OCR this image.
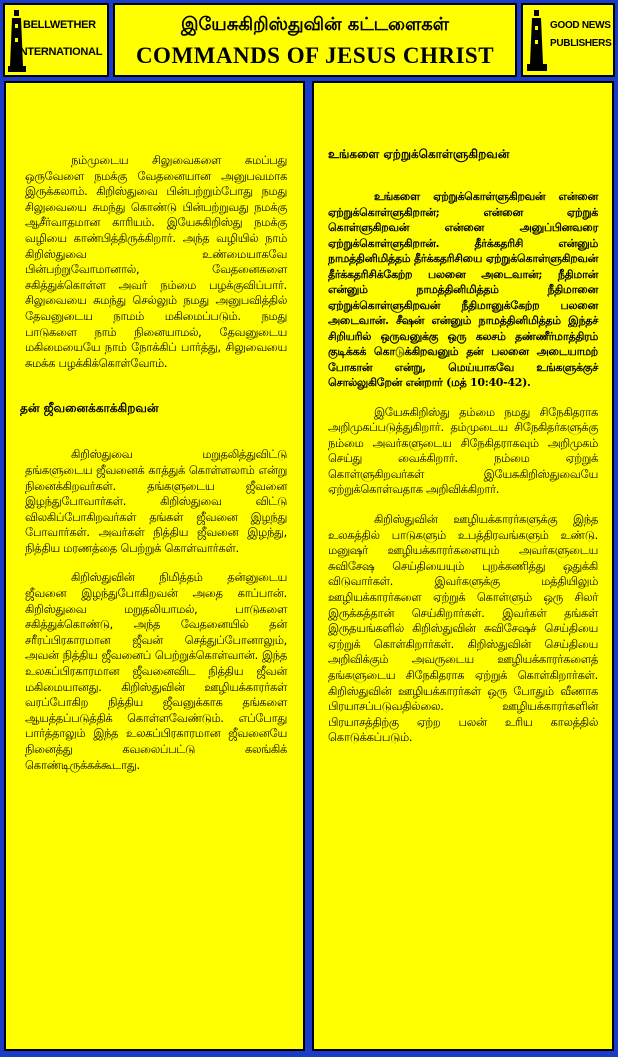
BELLWETHER
INTERNATIONAL
இயேசுகிறிஸ்துவின் கட்டளைகள்
COMMANDS OF JESUS CHRIST
GOOD NEWS
PUBLISHERS

நம்முடைய சிலுவைகளை சுமப்பது ஒருவேளை நமக்கு வேதனையான அனுபவமாக இருக்கலாம். கிறிஸ்துவை பின்பற்றும்போது நமது சிலுவையை சுமந்து கொண்டு பின்பற்றுவது நமக்கு ஆசீர்வாதமான காரியம். இயேசுகிறிஸ்து நமக்கு வழியை காண்பித்திருக்கிறார். அந்த வழியில் நாம் கிறிஸ்துவை உண்மையாகவே பின்பற்றுவோமானால், வேதனைகளை சகித்துக்கொள்ள அவர் நம்மை பழக்குவிப்பார். சிலுவையை சுமந்து செல்லும் நமது அனுபவித்தில் தேவனுடைய நாமம் மகிமைப்படும். நமது பாடுகளை நாம் நினையாமல், தேவனுடைய மகிமையையே நாம் நோக்கிப் பார்த்து, சிலுவையை சுமக்க பழக்கிக்கொள்வோம்.

தன் ஜீவனைக்காக்கிறவன்

கிறிஸ்துவை மறுதலித்துவிட்டு தங்களுடைய ஜீவனைக் காத்துக் கொள்ளலாம் என்று நினைக்கிறவர்கள். தங்களுடைய ஜீவனை இழந்துபோவார்கள். கிறிஸ்துவை விட்டு விலகிப்போகிறவர்கள் தங்கள் ஜீவனை இழந்து போவார்கள். அவர்கள் நித்திய ஜீவனை இழந்து, நித்திய மரணத்தை பெற்றுக் கொள்வார்கள்.

கிறிஸ்துவின் நிமித்தம் தன்னுடைய ஜீவனை இழந்துபோகிறவன் அதை காப்பான். கிறிஸ்துவை மறுதலியாமல், பாடுகளை சகித்துக்கொண்டு, அந்த வேதனையில் தன் சரீரப்பிரகாரமான ஜீவன் செத்துப்போனாலும், அவன் நித்திய ஜீவனைப் பெற்றுக்கொள்வான். இந்த உலகப்பிரகாரமான ஜீவனைவிட நித்திய ஜீவன் மகிமையானது. கிறிஸ்துவின் ஊழியக்காரர்கள் வரப்போகிற நித்திய ஜீவனுக்காக தங்களை ஆயத்தப்படுத்திக் கொள்ளவேண்டும். எப்போது பார்த்தாலும் இந்த உலகப்பிரகாரமான ஜீவனையே நினைத்து கவலைப்பட்டு கலங்கிக் கொண்டிருக்கக்கூடாது.

உங்களை ஏற்றுக்கொள்ளுகிறவன்

உங்களை ஏற்றுக்கொள்ளுகிறவன் என்னை ஏற்றுக்கொள்ளுகிறான்; என்னை ஏற்றுக் கொள்ளுகிறவன் என்னை அனுப்பினவரை ஏற்றுக்கொள்ளுகிறான். தீர்க்கதரிசி என்னும் நாமத்தினிமித்தம் தீர்க்கதரிசியை ஏற்றுக்கொள்ளுகிறவன் தீர்க்கதரிசிக்கேற்ற பலனை அடைவான்; நீதிமான் என்னும் நாமத்தினிமித்தம் நீதிமானை ஏற்றுக்கொள்ளுகிறவன் நீதிமானுக்கேற்ற பலனை அடைவான். சீஷன் என்னும் நாமத்தினிமித்தம் இந்தச் சிறியரில் ஒருவனுக்கு ஒரு கலசம் தண்ணீர்மாத்திரம் குடிக்கக் கொடுக்கிறவனும் தன் பலனை அடையாமற் போகான் என்று, மெய்யாகவே உங்களுக்குச் சொல்லுகிறேன் என்றார் (மத் 10:40-42).

இயேசுகிறிஸ்து தம்மை நமது சிநேகிதராக அறிமுகப்படுத்துகிறார். தம்முடைய சிநேகிதர்களுக்கு நம்மை அவர்களுடைய சிநேகிதராகவும் அறிமுகம் செய்து வைக்கிறார். நம்மை ஏற்றுக் கொள்ளுகிறவர்கள் இயேசுகிறிஸ்துவையே ஏற்றுக்கொள்வதாக அறிவிக்கிறார்.

கிறிஸ்துவின் ஊழியக்காரர்களுக்கு இந்த உலகத்தில் பாடுகளும் உபத்திரவங்களும் உண்டு. மனுஷர் ஊழியக்காரர்களையும் அவர்களுடைய சுவிசேஷ செய்தியையும் புறக்கணித்து ஒதுக்கி விடுவார்கள். இவர்களுக்கு மத்தியிலும் ஊழியக்காரர்களை ஏற்றுக் கொள்ளும் ஒரு சிலர் இருக்கத்தான் செய்கிறார்கள். இவர்கள் தங்கள் இருதயங்களில் கிறிஸ்துவின் சுவிசேஷச் செய்தியை ஏற்றுக் கொள்கிறார்கள். கிறிஸ்துவின் செய்தியை அறிவிக்கும் அவருடைய ஊழியக்காரர்களைத் தங்களுடைய சிநேகிதராக ஏற்றுக் கொள்கிறார்கள். கிறிஸ்துவின் ஊழியக்காரர்கள் ஒரு போதும் வீணாக பிரயாசப்படுவதில்லை. ஊழியக்காரர்களின் பிரயாசத்திற்கு ஏற்ற பலன் உரிய காலத்தில் கொடுக்கப்படும்.
